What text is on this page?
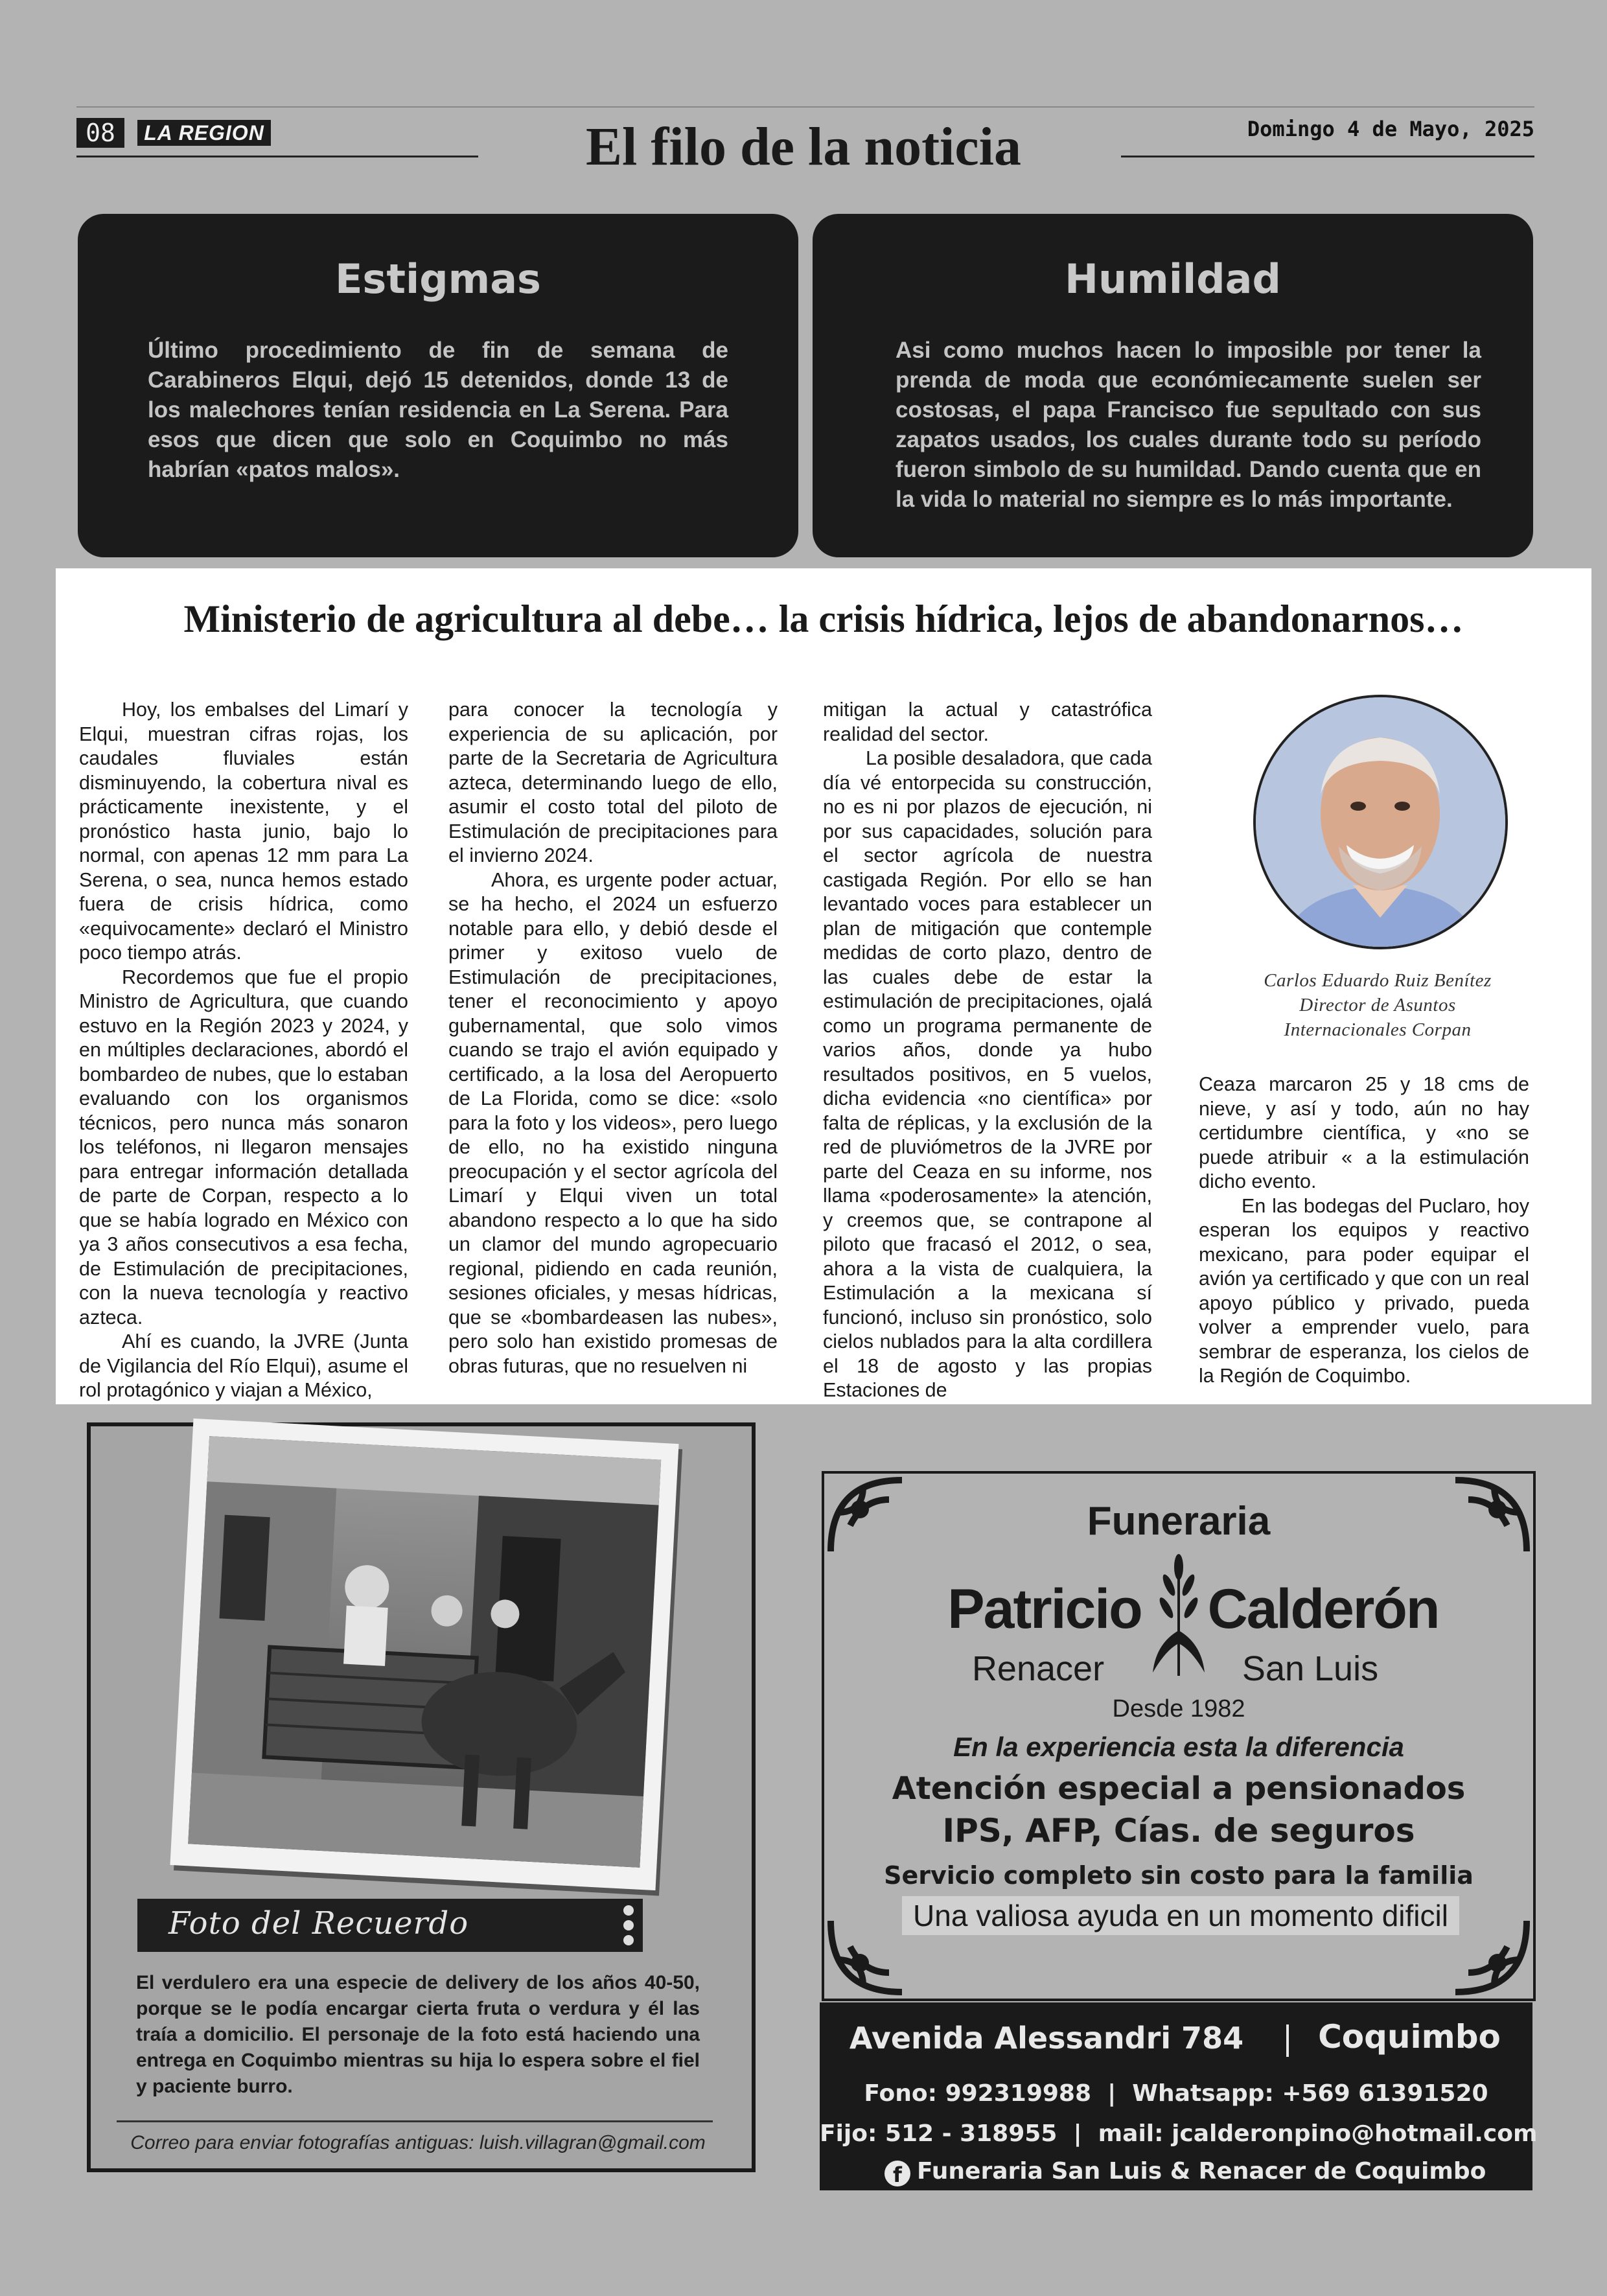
08	LA REGION	El filo de la noticia	Domingo 4 de Mayo, 2025
Estigmas

Último procedimiento de fin de semana de Carabineros Elqui, dejó 15 detenidos, donde 13 de los malechores tenían residencia en La Serena. Para esos que dicen que solo en Coquimbo no más habrían «patos malos».

Humildad

Asi como muchos hacen lo imposible por tener la prenda de moda que económiecamente suelen ser costosas, el papa Francisco fue sepultado con sus zapatos usados, los cuales durante todo su período fueron simbolo de su humildad. Dando cuenta que en la vida lo material no siempre es lo más importante.

Ministerio de agricultura al debe… la crisis hídrica, lejos de abandonarnos…

Hoy, los embalses del Limarí y Elqui, muestran cifras rojas, los caudales fluviales están disminuyendo, la cobertura nival es prácticamente inexistente, y el pronóstico hasta junio, bajo lo normal, con apenas 12 mm para La Serena, o sea, nunca hemos estado fuera de crisis hídrica, como «equivocamente» declaró el Ministro poco tiempo atrás.

Recordemos que fue el propio Ministro de Agricultura, que cuando estuvo en la Región 2023 y 2024, y en múltiples declaraciones, abordó el bombardeo de nubes, que lo estaban evaluando con los organismos técnicos, pero nunca más sonaron los teléfonos, ni llegaron mensajes para entregar información detallada de parte de Corpan, respecto a lo que se había logrado en México con ya 3 años consecutivos a esa fecha, de Estimulación de precipitaciones, con la nueva tecnología y reactivo azteca.

Ahí es cuando, la JVRE (Junta de Vigilancia del Río Elqui), asume el rol protagónico y viajan a México,

para conocer la tecnología y experiencia de su aplicación, por parte de la Secretaria de Agricultura azteca, determinando luego de ello, asumir el costo total del piloto de Estimulación de precipitaciones para el invierno 2024.

Ahora, es urgente poder actuar, se ha hecho, el 2024 un esfuerzo notable para ello, y debió desde el primer y exitoso vuelo de Estimulación de precipitaciones, tener el reconocimiento y apoyo gubernamental, que solo vimos cuando se trajo el avión equipado y certificado, a la losa del Aeropuerto de La Florida, como se dice: «solo para la foto y los videos», pero luego de ello, no ha existido ninguna preocupación y el sector agrícola del Limarí y Elqui viven un total abandono respecto a lo que ha sido un clamor del mundo agropecuario regional, pidiendo en cada reunión, sesiones oficiales, y mesas hídricas, que se «bombardeasen las nubes», pero solo han existido promesas de obras futuras, que no resuelven ni

mitigan la actual y catastrófica realidad del sector.

La posible desaladora, que cada día vé entorpecida su construcción, no es ni por plazos de ejecución, ni por sus capacidades, solución para el sector agrícola de nuestra castigada Región. Por ello se han levantado voces para establecer un plan de mitigación que contemple medidas de corto plazo, dentro de las cuales debe de estar la estimulación de precipitaciones, ojalá como un programa permanente de varios años, donde ya hubo resultados positivos, en 5 vuelos, dicha evidencia «no científica» por falta de réplicas, y la exclusión de la red de pluviómetros de la JVRE por parte del Ceaza en su informe, nos llama «poderosamente» la atención, y creemos que, se contrapone al piloto que fracasó el 2012, o sea, ahora a la vista de cualquiera, la Estimulación a la mexicana sí funcionó, incluso sin pronóstico, solo cielos nublados para la alta cordillera el 18 de agosto y las propias Estaciones de

Carlos Eduardo Ruiz Benítez
Director de Asuntos
Internacionales Corpan

Ceaza marcaron 25 y 18 cms de nieve, y así y todo, aún no hay certidumbre científica, y «no se puede atribuir « a la estimulación dicho evento.

En las bodegas del Puclaro, hoy esperan los equipos y reactivo mexicano, para poder equipar el avión ya certificado y que con un real apoyo público y privado, pueda volver a emprender vuelo, para sembrar de esperanza, los cielos de la Región de Coquimbo.

Foto del Recuerdo
El verdulero era una especie de delivery de los años 40-50, porque se le podía encargar cierta fruta o verdura y él las traía a domicilio. El personaje de la foto está haciendo una entrega en Coquimbo mientras su hija lo espera sobre el fiel y paciente burro.
Correo para enviar fotografías antiguas: luish.villagran@gmail.com
Funeraria
Patricio	Calderón
Renacer	San Luis
Desde 1982
En la experiencia esta la diferencia
Atención especial a pensionados
IPS, AFP, Cías. de seguros
Servicio completo sin costo para la familia
Una valiosa ayuda en un momento dificil
Avenida Alessandri 784	Coquimbo
Fono: 992319988  |  Whatsapp: +569 61391520
Fijo: 512 - 318955  |  mail: jcalderonpino@hotmail.com
f Funeraria San Luis & Renacer de Coquimbo
